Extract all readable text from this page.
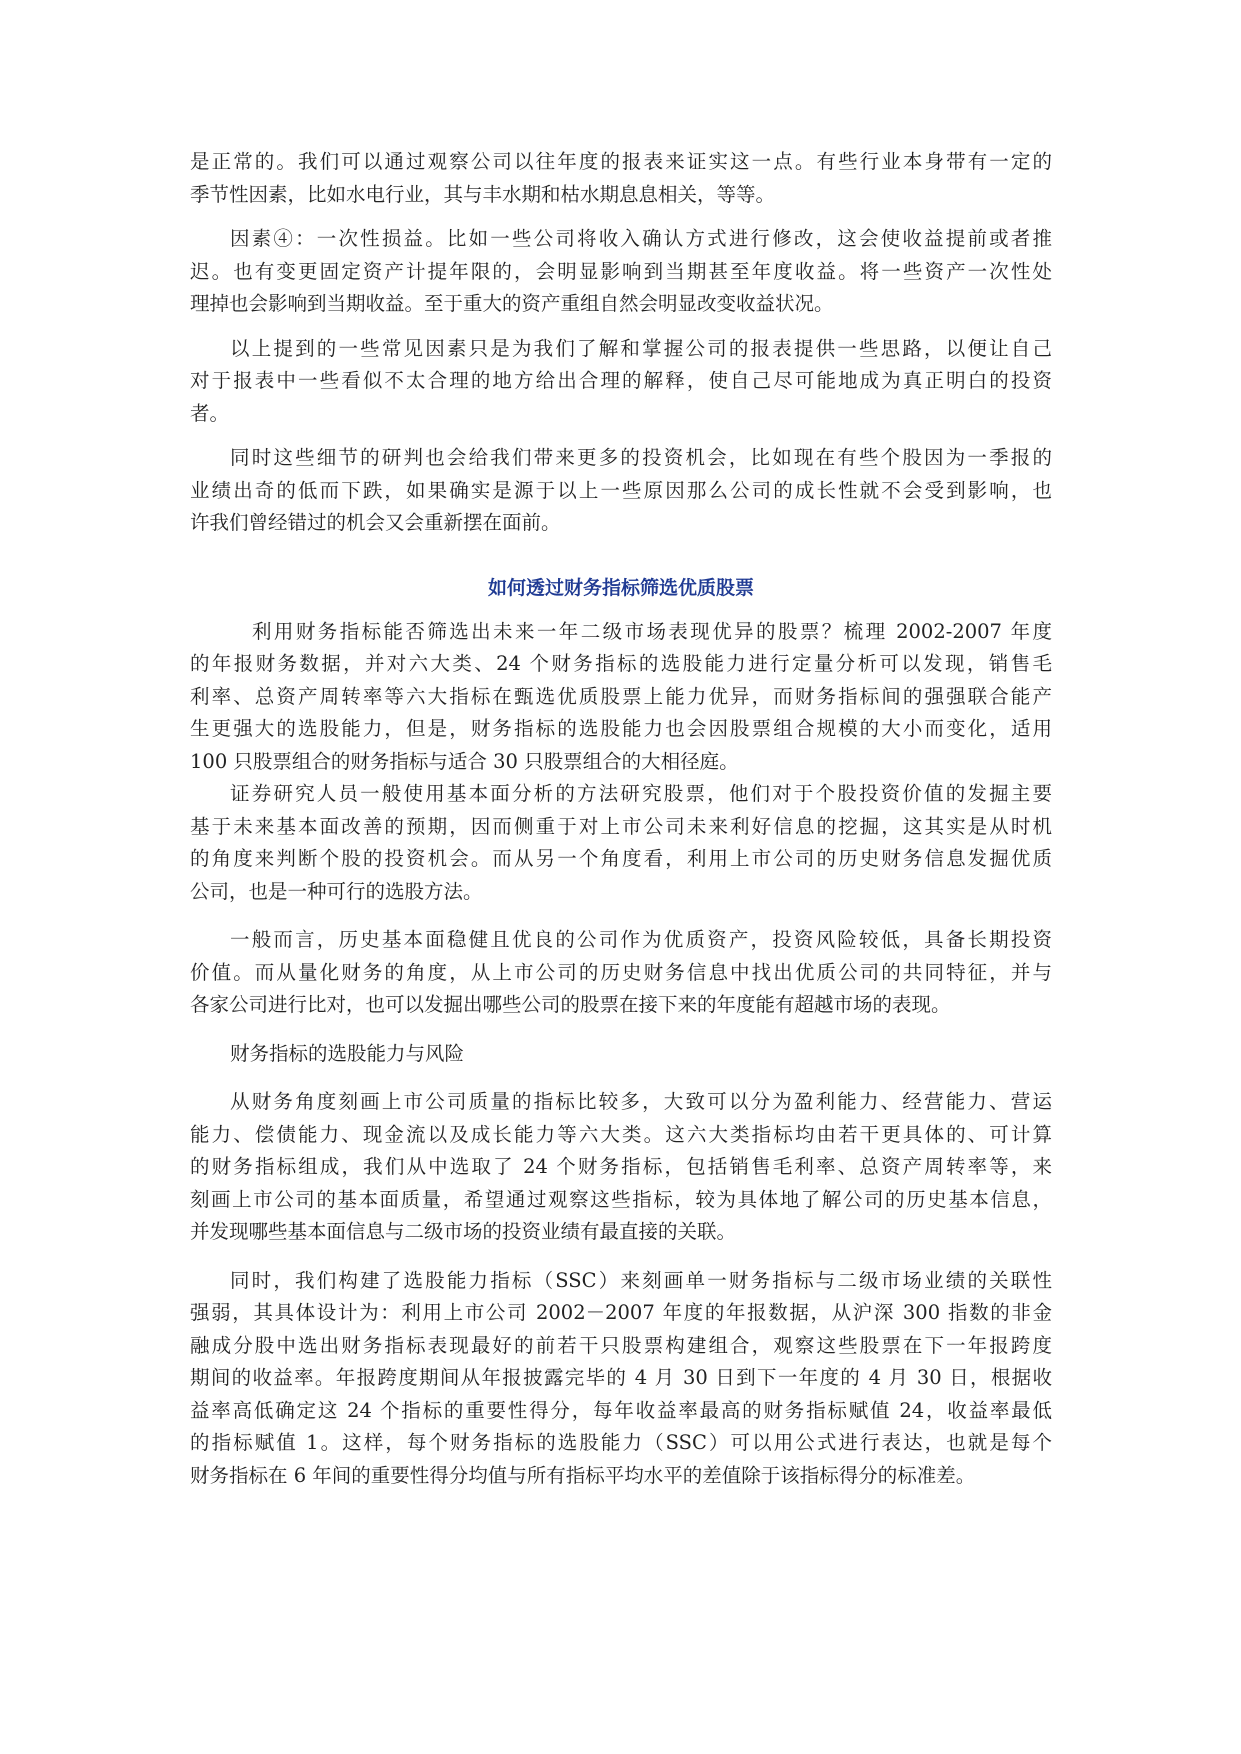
是正常的。我们可以通过观察公司以往年度的报表来证实这一点。有些行业本身带有一定的
季节性因素，比如水电行业，其与丰水期和枯水期息息相关，等等。
因素④：一次性损益。比如一些公司将收入确认方式进行修改，这会使收益提前或者推
迟。也有变更固定资产计提年限的，会明显影响到当期甚至年度收益。将一些资产一次性处
理掉也会影响到当期收益。至于重大的资产重组自然会明显改变收益状况。
以上提到的一些常见因素只是为我们了解和掌握公司的报表提供一些思路，以便让自己
对于报表中一些看似不太合理的地方给出合理的解释，使自己尽可能地成为真正明白的投资
者。
同时这些细节的研判也会给我们带来更多的投资机会，比如现在有些个股因为一季报的
业绩出奇的低而下跌，如果确实是源于以上一些原因那么公司的成长性就不会受到影响，也
许我们曾经错过的机会又会重新摆在面前。
如何透过财务指标筛选优质股票
利用财务指标能否筛选出未来一年二级市场表现优异的股票？梳理 2002-2007 年度
的年报财务数据，并对六大类、24 个财务指标的选股能力进行定量分析可以发现，销售毛
利率、总资产周转率等六大指标在甄选优质股票上能力优异，而财务指标间的强强联合能产
生更强大的选股能力，但是，财务指标的选股能力也会因股票组合规模的大小而变化，适用
100 只股票组合的财务指标与适合 30 只股票组合的大相径庭。
证券研究人员一般使用基本面分析的方法研究股票，他们对于个股投资价值的发掘主要
基于未来基本面改善的预期，因而侧重于对上市公司未来利好信息的挖掘，这其实是从时机
的角度来判断个股的投资机会。而从另一个角度看，利用上市公司的历史财务信息发掘优质
公司，也是一种可行的选股方法。
一般而言，历史基本面稳健且优良的公司作为优质资产，投资风险较低，具备长期投资
价值。而从量化财务的角度，从上市公司的历史财务信息中找出优质公司的共同特征，并与
各家公司进行比对，也可以发掘出哪些公司的股票在接下来的年度能有超越市场的表现。
财务指标的选股能力与风险
从财务角度刻画上市公司质量的指标比较多，大致可以分为盈利能力、经营能力、营运
能力、偿债能力、现金流以及成长能力等六大类。这六大类指标均由若干更具体的、可计算
的财务指标组成，我们从中选取了 24 个财务指标，包括销售毛利率、总资产周转率等，来
刻画上市公司的基本面质量，希望通过观察这些指标，较为具体地了解公司的历史基本信息，
并发现哪些基本面信息与二级市场的投资业绩有最直接的关联。
同时，我们构建了选股能力指标（SSC）来刻画单一财务指标与二级市场业绩的关联性
强弱，其具体设计为：利用上市公司 2002－2007 年度的年报数据，从沪深 300 指数的非金
融成分股中选出财务指标表现最好的前若干只股票构建组合，观察这些股票在下一年报跨度
期间的收益率。年报跨度期间从年报披露完毕的 4 月 30 日到下一年度的 4 月 30 日，根据收
益率高低确定这 24 个指标的重要性得分，每年收益率最高的财务指标赋值 24，收益率最低
的指标赋值 1。这样，每个财务指标的选股能力（SSC）可以用公式进行表达，也就是每个
财务指标在 6 年间的重要性得分均值与所有指标平均水平的差值除于该指标得分的标准差。
